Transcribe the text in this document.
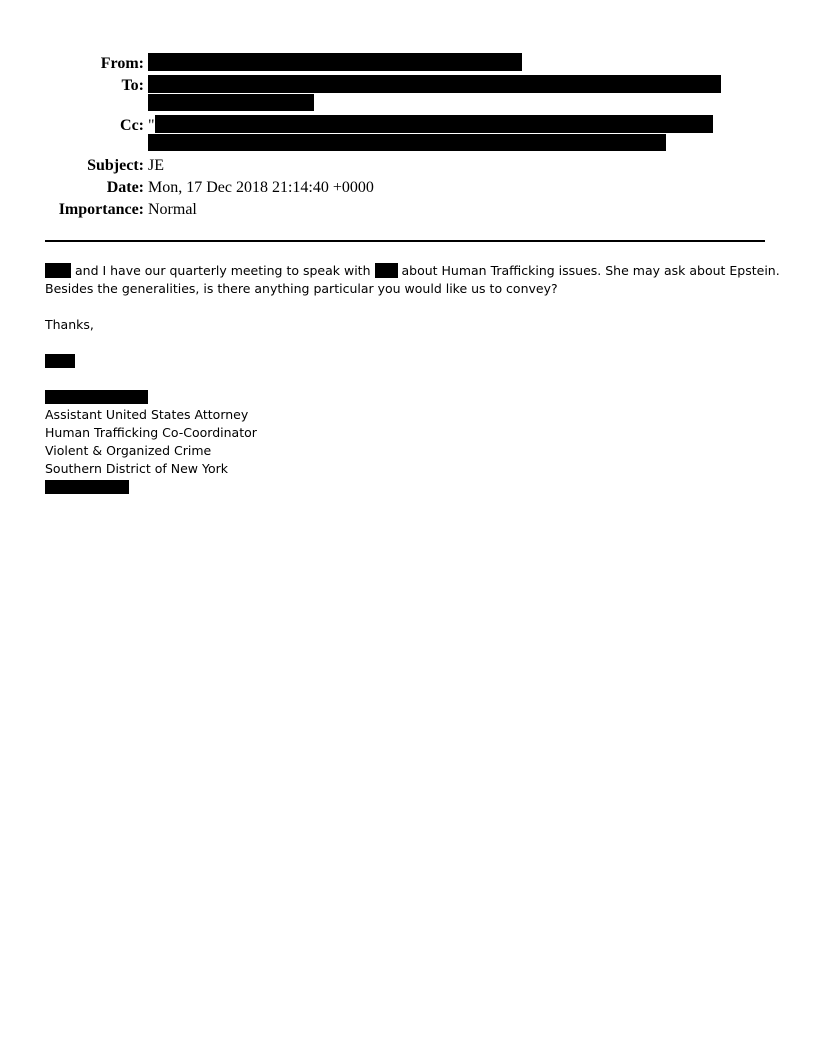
From:
To:
Cc: "
Subject: JE
Date: Mon, 17 Dec 2018 21:14:40 +0000
Importance: Normal
and I have our quarterly meeting to speak with about Human Trafficking issues. She may ask about Epstein.
Besides the generalities, is there anything particular you would like us to convey?
Thanks,
Assistant United States Attorney
Human Trafficking Co-Coordinator
Violent & Organized Crime
Southern District of New York
